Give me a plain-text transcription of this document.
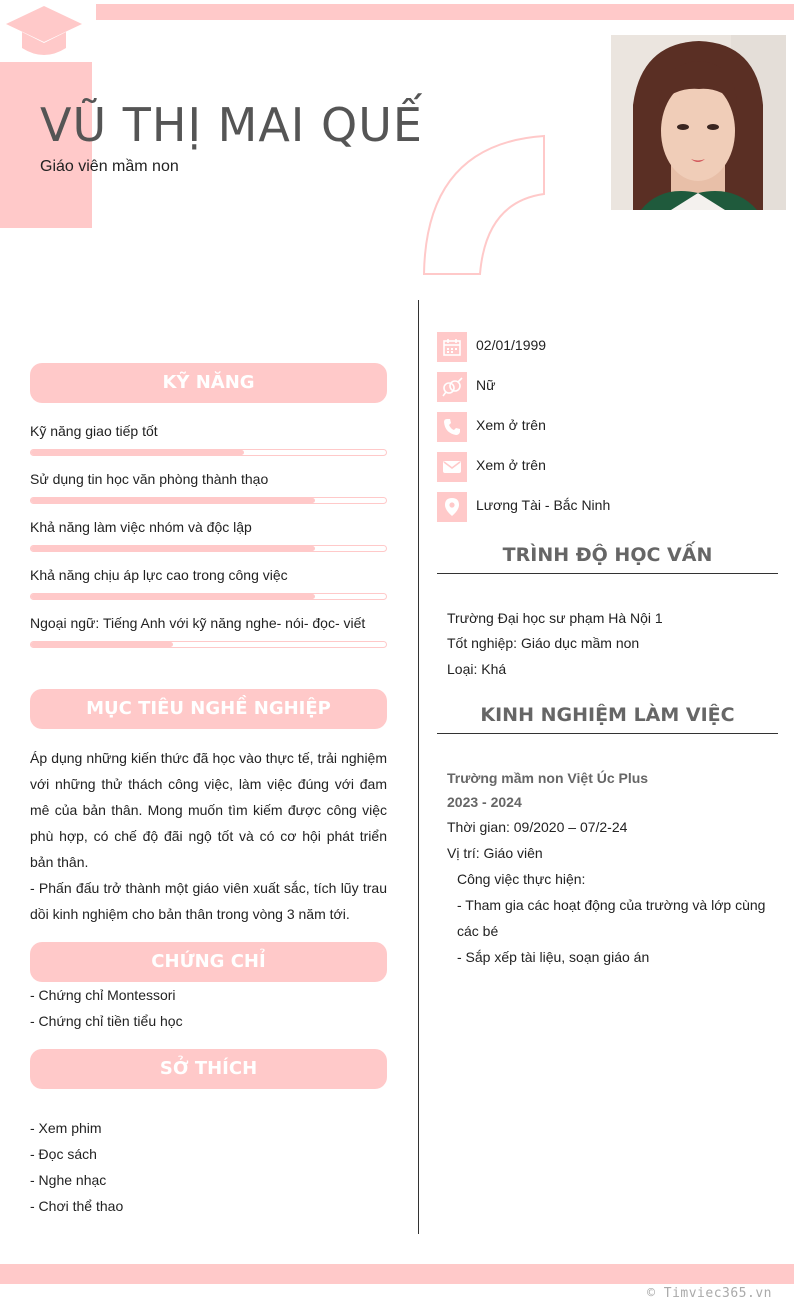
VŨ THỊ MAI QUẾ
Giáo viên mầm non
KỸ NĂNG
Kỹ năng giao tiếp tốt
Sử dụng tin học văn phòng thành thạo
Khả năng làm việc nhóm và độc lập
Khả năng chịu áp lực cao trong công việc
Ngoại ngữ: Tiếng Anh với kỹ năng nghe- nói- đọc- viết
MỤC TIÊU NGHỀ NGHIỆP
Áp dụng những kiến thức đã học vào thực tế, trải nghiệm với những thử thách công việc, làm việc đúng với đam mê của bản thân. Mong muốn tìm kiếm được công việc phù hợp, có chế độ đãi ngộ tốt và có cơ hội phát triển bản thân.
- Phấn đấu trở thành một giáo viên xuất sắc, tích lũy trau dồi kinh nghiệm cho bản thân trong vòng 3 năm tới.
CHỨNG CHỈ
- Chứng chỉ Montessori
- Chứng chỉ tiền tiểu học
SỞ THÍCH
- Xem phim
- Đọc sách
- Nghe nhạc
- Chơi thể thao
02/01/1999
Nữ
Xem ở trên
Xem ở trên
Lương Tài - Bắc Ninh
TRÌNH ĐỘ HỌC VẤN
Trường Đại học sư phạm Hà Nội 1
Tốt nghiệp: Giáo dục mầm non
Loại: Khá
KINH NGHIỆM LÀM VIỆC
Trường mầm non Việt Úc Plus
2023 - 2024
Thời gian: 09/2020 – 07/2-24
Vị trí: Giáo viên
Công việc thực hiện:
- Tham gia các hoạt động của trường và lớp cùng
các bé
- Sắp xếp tài liệu, soạn giáo án
© Timviec365.vn
